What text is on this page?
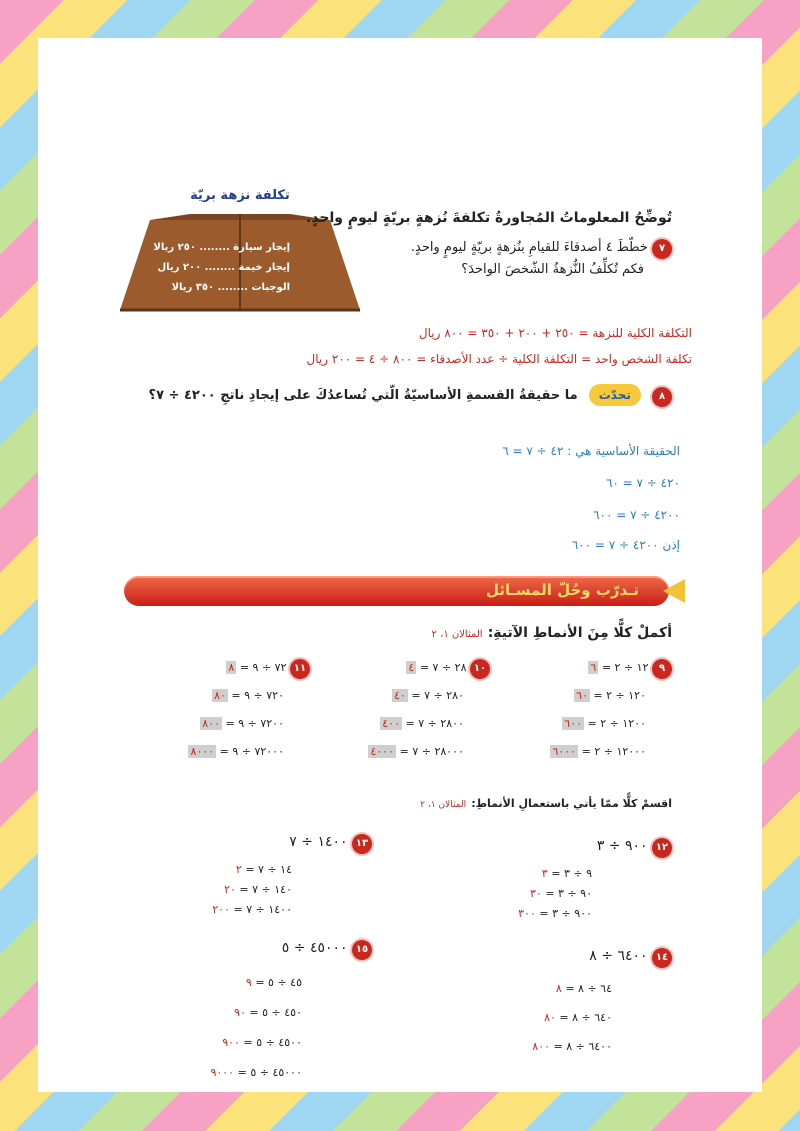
تكلفة نزهة بريّة
إيجار سيارة ........ ٢٥٠ ريالا
إيجار خيمة ........ ٢٠٠ ريال
الوجبات ........ ٣٥٠ ريالا
تُوضِّحُ المعلوماتُ المُجاورةُ تكلفةَ نُزهةٍ بريّةٍ ليومٍ واحدٍ.
٧ خطّطَ ٤ أصدقاءَ للقيامِ بنُزهةٍ بريّةٍ ليومٍ واحدٍ.
فكم تُكلِّفُ النُّزهةُ الشّخصَ الواحدَ؟
التكلفة الكلية للنزهة = ٢٥٠ + ٢٠٠ + ٣٥٠ = ٨٠٠ ريال
تكلفة الشخص واحد = التكلفة الكلية ÷ عدد الأصدقاء = ٨٠٠ ÷ ٤ = ٢٠٠ ريال
٨ تحدّث ما حقيقةُ القسمةِ الأساسيّةُ الّتي تُساعدُكَ على إيجادِ ناتجِ ٤٢٠٠ ÷ ٧؟
الحقيقة الأساسية هي : ٤٢ ÷ ٧ = ٦
٤٢٠ ÷ ٧ = ٦٠
٤٢٠٠ ÷ ٧ = ٦٠٠
إذن ٤٢٠٠ ÷ ٧ = ٦٠٠
تـدرّب وحُلّ المسـائل
أكملْ كلًّا مِنَ الأنماطِ الآتيةِ: المثالان ١، ٢
٩ ١٢ ÷ ٢ = ٦
١٢٠ ÷ ٢ = ٦٠
١٢٠٠ ÷ ٢ = ٦٠٠
١٢٠٠٠ ÷ ٢ = ٦٠٠٠
١٠ ٢٨ ÷ ٧ = ٤
٢٨٠ ÷ ٧ = ٤٠
٢٨٠٠ ÷ ٧ = ٤٠٠
٢٨٠٠٠ ÷ ٧ = ٤٠٠٠
١١ ٧٢ ÷ ٩ = ٨
٧٢٠ ÷ ٩ = ٨٠
٧٢٠٠ ÷ ٩ = ٨٠٠
٧٢٠٠٠ ÷ ٩ = ٨٠٠٠
اقسمْ كلًّا ممّا يأتي باستعمالِ الأنماطِ: المثالان ١، ٢
١٢ ٩٠٠ ÷ ٣
٩ ÷ ٣ = ٣
٩٠ ÷ ٣ = ٣٠
٩٠٠ ÷ ٣ = ٣٠٠
١٣ ١٤٠٠ ÷ ٧
١٤ ÷ ٧ = ٢
١٤٠ ÷ ٧ = ٢٠
١٤٠٠ ÷ ٧ = ٢٠٠
١٤ ٦٤٠٠ ÷ ٨
٦٤ ÷ ٨ = ٨
٦٤٠ ÷ ٨ = ٨٠
٦٤٠٠ ÷ ٨ = ٨٠٠
١٥ ٤٥٠٠٠ ÷ ٥
٤٥ ÷ ٥ = ٩
٤٥٠ ÷ ٥ = ٩٠
٤٥٠٠ ÷ ٥ = ٩٠٠
٤٥٠٠٠ ÷ ٥ = ٩٠٠٠
